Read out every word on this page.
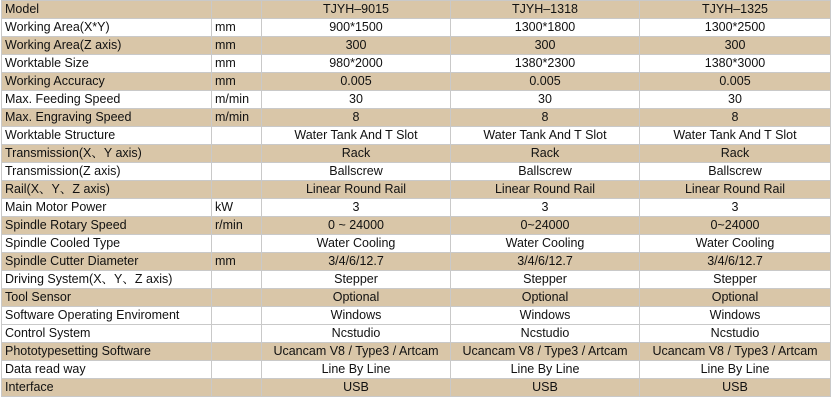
Model		TJYH–9015	TJYH–1318	TJYH–1325
Working Area(X*Y)	mm	900*1500	1300*1800	1300*2500
Working Area(Z axis)	mm	300	300	300
Worktable Size	mm	980*2000	1380*2300	1380*3000
Working Accuracy	mm	0.005	0.005	0.005
Max. Feeding Speed	m/min	30	30	30
Max. Engraving Speed	m/min	8	8	8
Worktable Structure		Water Tank And T Slot	Water Tank And T Slot	Water Tank And T Slot
Transmission(X、Y axis)		Rack	Rack	Rack
Transmission(Z axis)		Ballscrew	Ballscrew	Ballscrew
Rail(X、Y、Z axis)		Linear Round Rail	Linear Round Rail	Linear Round Rail
Main Motor Power	kW	3	3	3
Spindle Rotary Speed	r/min	0 ~ 24000	0~24000	0~24000
Spindle Cooled Type		Water Cooling	Water Cooling	Water Cooling
Spindle Cutter Diameter	mm	3/4/6/12.7	3/4/6/12.7	3/4/6/12.7
Driving System(X、Y、Z axis)		Stepper	Stepper	Stepper
Tool Sensor		Optional	Optional	Optional
Software Operating Enviroment		Windows	Windows	Windows
Control System		Ncstudio	Ncstudio	Ncstudio
Phototypesetting Software		Ucancam V8 / Type3 / Artcam	Ucancam V8 / Type3 / Artcam	Ucancam V8 / Type3 / Artcam
Data read way		Line By Line	Line By Line	Line By Line
Interface		USB	USB	USB
